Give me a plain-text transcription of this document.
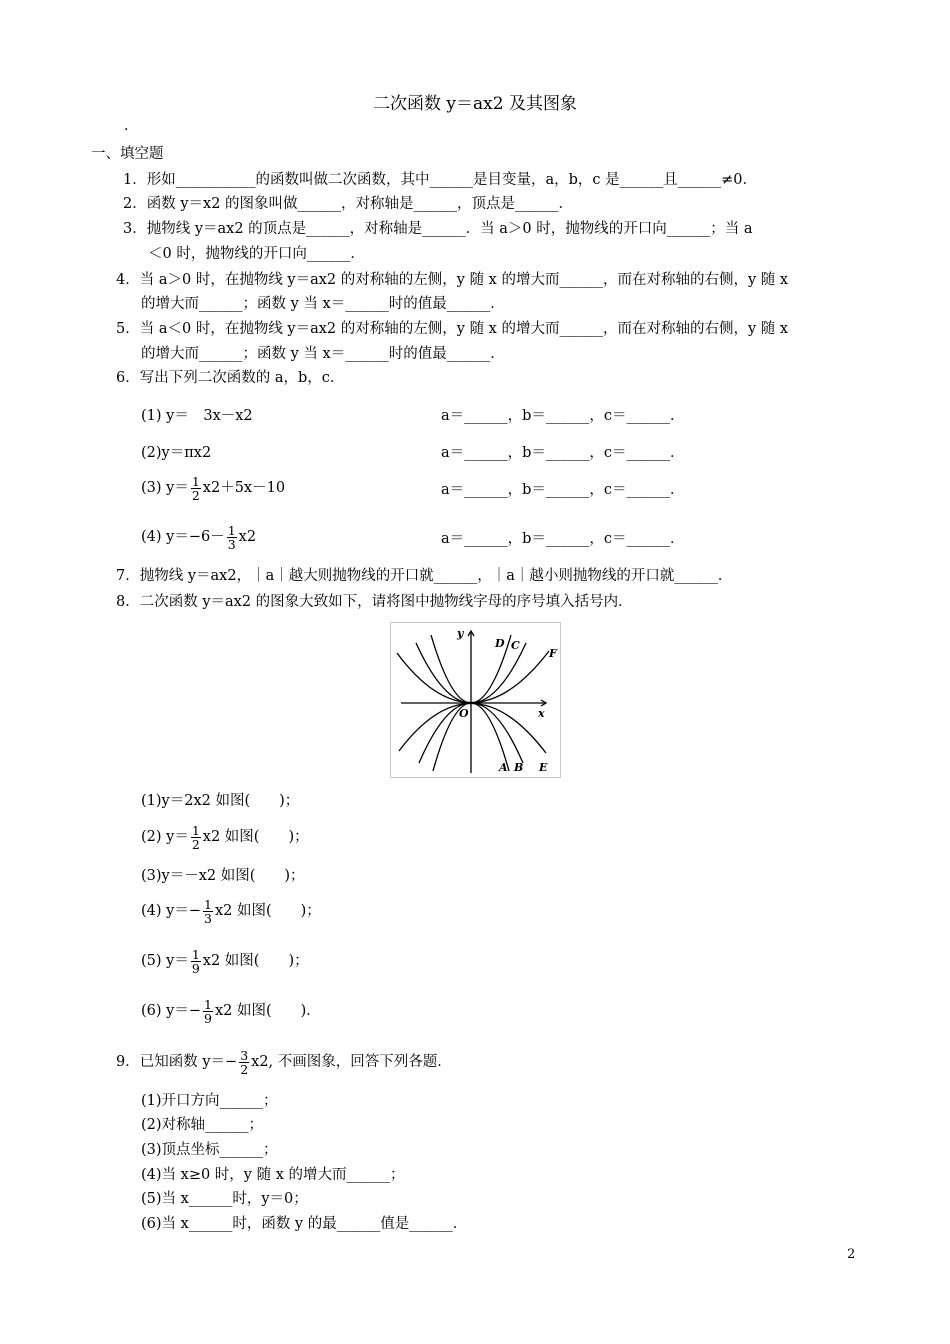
二次函数 y＝ax2 及其图象
.
一、填空题
1．形如___________的函数叫做二次函数，其中______是目变量，a，b，c 是______且______≠0．
2．函数 y＝x2 的图象叫做______，对称轴是______，顶点是______．
3．抛物线 y＝ax2 的顶点是______，对称轴是______．当 a＞0 时，抛物线的开口向______；当 a
＜0 时，抛物线的开口向______．
4．当 a＞0 时，在抛物线 y＝ax2 的对称轴的左侧，y 随 x 的增大而______，而在对称轴的右侧，y 随 x
的增大而______；函数 y 当 x＝______时的值最______．
5．当 a＜0 时，在抛物线 y＝ax2 的对称轴的左侧，y 随 x 的增大而______，而在对称轴的右侧，y 随 x
的增大而______；函数 y 当 x＝______时的值最______．
6．写出下列二次函数的 a，b，c．
(1) y＝　3x－x2	a＝______，b＝______，c＝______．
(2)y＝πx2	a＝______，b＝______，c＝______．
(3) $y= \frac{1}{2} x2+5x-10$	a＝______，b＝______，c＝______．
(4) $y=-6- \frac{1}{3} x2$	a＝______，b＝______，c＝______．
7．抛物线 y＝ax2，｜a｜越大则抛物线的开口就______，｜a｜越小则抛物线的开口就______．
8．二次函数 y＝ax2 的图象大致如下，请将图中抛物线字母的序号填入括号内．
y
x
O
D C
F
A B E
(1)y＝2x2 如图(　　)；
(2) $y= \frac{1}{2} x2$ 如图(　　)；
(3)y＝－x2 如图(　　)；
(4) $y=- \frac{1}{3} x2$ 如图(　　)；
(5) $y= \frac{1}{9} x2$ 如图(　　)；
(6) $y=- \frac{1}{9} x2$ 如图(　　)．
9．已知函数 $y=- \frac{3}{2} x2$, 不画图象，回答下列各题．
(1)开口方向______；
(2)对称轴______；
(3)顶点坐标______；
(4)当 x≥0 时，y 随 x 的增大而______；
(5)当 x______时，y＝0；
(6)当 x______时，函数 y 的最______值是______．
2
